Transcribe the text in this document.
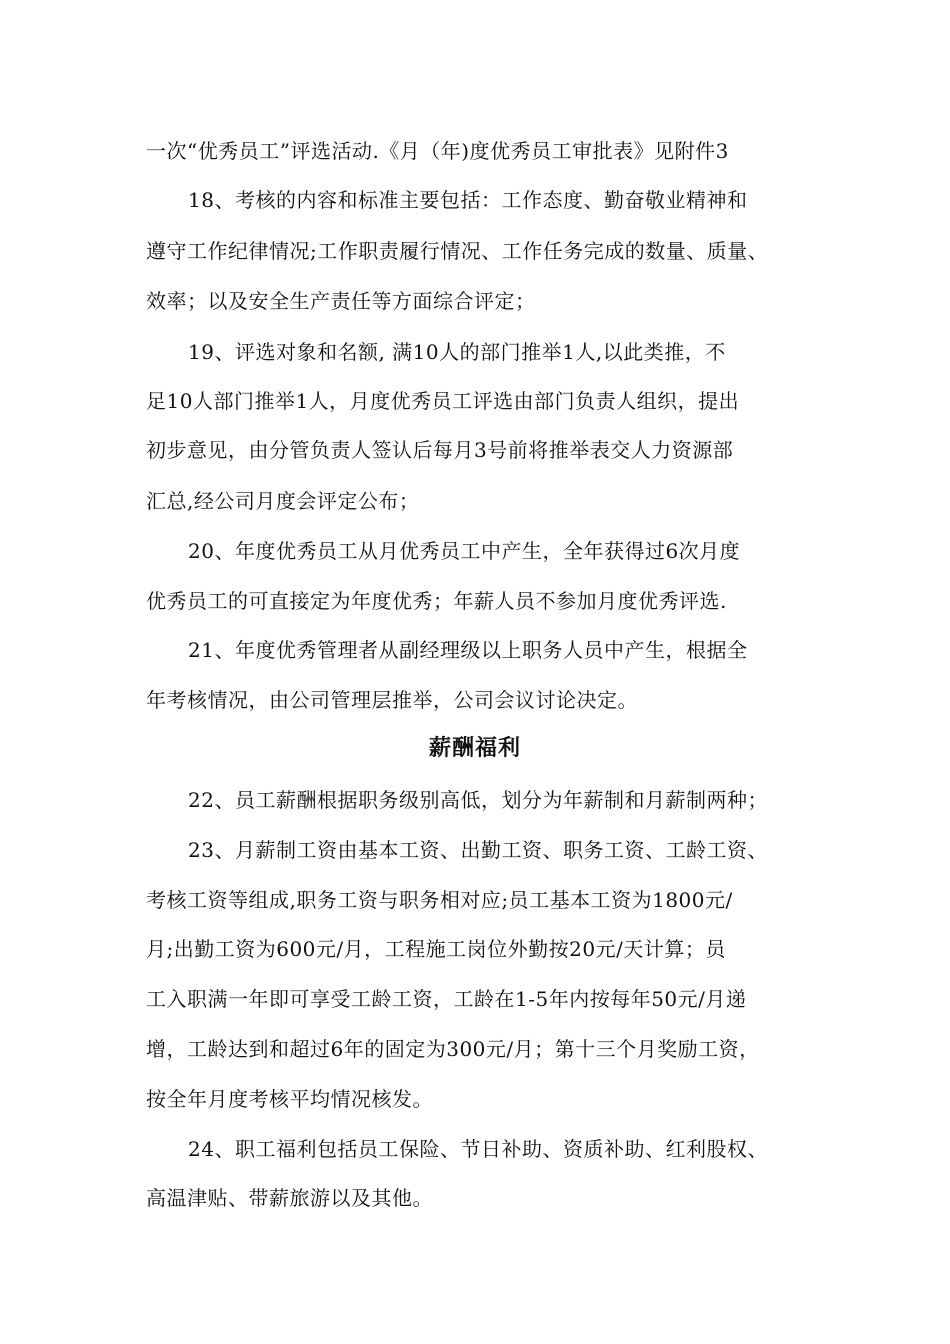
一次“优秀员工”评选活动.《月（年)度优秀员工审批表》见附件3
18、考核的内容和标准主要包括：工作态度、勤奋敬业精神和
遵守工作纪律情况;工作职责履行情况、工作任务完成的数量、质量、
效率；以及安全生产责任等方面综合评定；
19、评选对象和名额, 满10人的部门推举1人,以此类推，不
足10人部门推举1人，月度优秀员工评选由部门负责人组织，提出
初步意见，由分管负责人签认后每月3号前将推举表交人力资源部
汇总,经公司月度会评定公布；
20、年度优秀员工从月优秀员工中产生，全年获得过6次月度
优秀员工的可直接定为年度优秀；年薪人员不参加月度优秀评选.
21、年度优秀管理者从副经理级以上职务人员中产生，根据全
年考核情况，由公司管理层推举，公司会议讨论决定。
薪酬福利
22、员工薪酬根据职务级别高低，划分为年薪制和月薪制两种；
23、月薪制工资由基本工资、出勤工资、职务工资、工龄工资、
考核工资等组成,职务工资与职务相对应;员工基本工资为1800元/
月;出勤工资为600元/月，工程施工岗位外勤按20元/天计算；员
工入职满一年即可享受工龄工资，工龄在1-5年内按每年50元/月递
增，工龄达到和超过6年的固定为300元/月；第十三个月奖励工资，
按全年月度考核平均情况核发。
24、职工福利包括员工保险、节日补助、资质补助、红利股权、
高温津贴、带薪旅游以及其他。
